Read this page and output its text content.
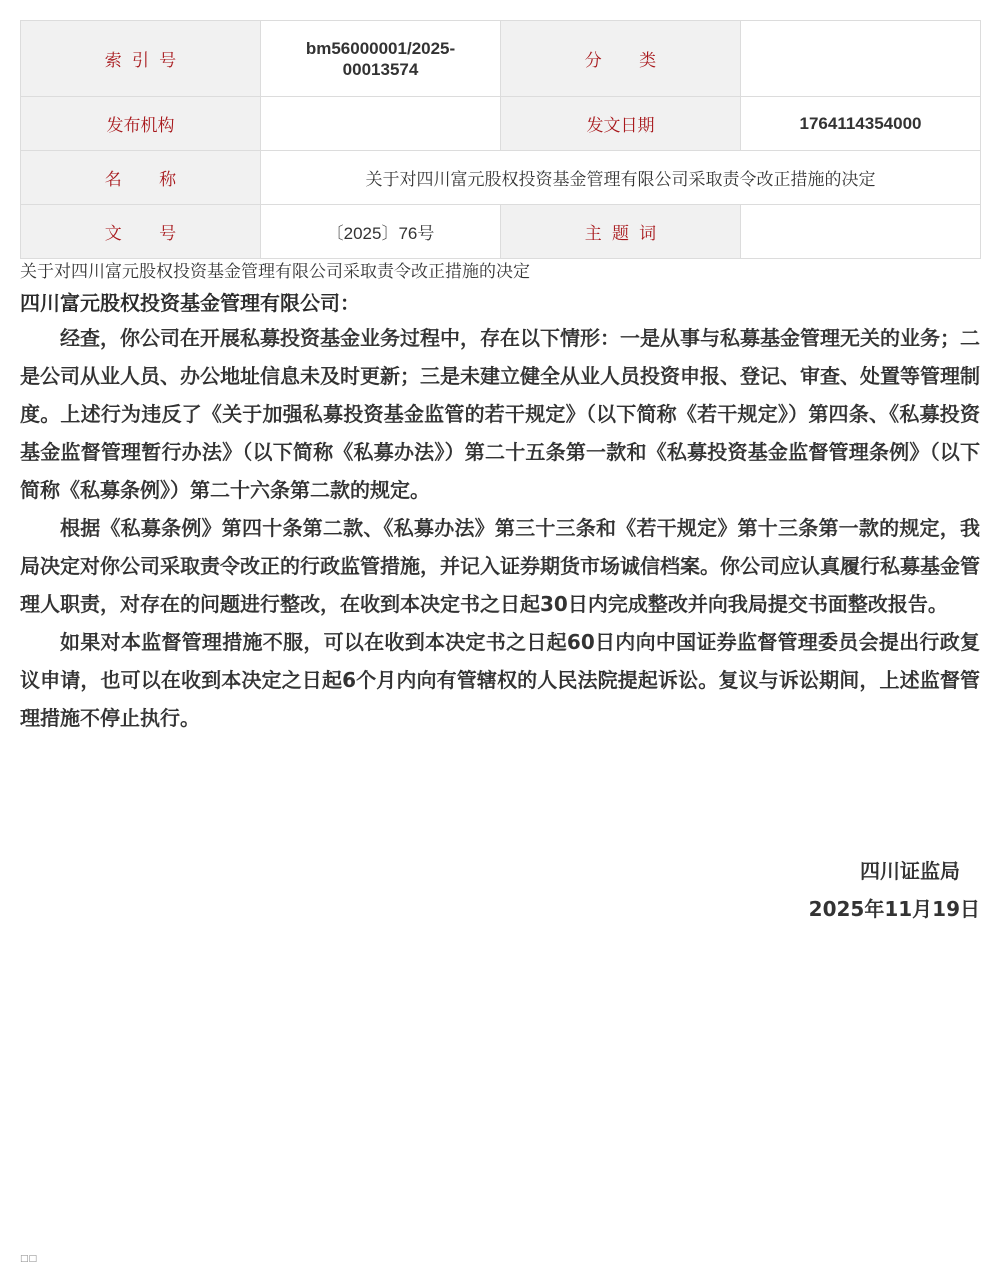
索引号	bm56000001/2025-00013574	分类	
发布机构		发文日期	1764114354000
名称	关于对四川富元股权投资基金管理有限公司采取责令改正措施的决定		
文号	〔2025〕76号	主题词	
关于对四川富元股权投资基金管理有限公司采取责令改正措施的决定
四川富元股权投资基金管理有限公司：

经查，你公司在开展私募投资基金业务过程中，存在以下情形：一是从事与私募基金管理无关的业务；二是公司从业人员、办公地址信息未及时更新；三是未建立健全从业人员投资申报、登记、审查、处置等管理制度。上述行为违反了《关于加强私募投资基金监管的若干规定》（以下简称《若干规定》）第四条、《私募投资基金监督管理暂行办法》（以下简称《私募办法》）第二十五条第一款和《私募投资基金监督管理条例》（以下简称《私募条例》）第二十六条第二款的规定。

根据《私募条例》第四十条第二款、《私募办法》第三十三条和《若干规定》第十三条第一款的规定，我局决定对你公司采取责令改正的行政监管措施，并记入证券期货市场诚信档案。你公司应认真履行私募基金管理人职责，对存在的问题进行整改，在收到本决定书之日起30日内完成整改并向我局提交书面整改报告。

如果对本监督管理措施不服，可以在收到本决定书之日起60日内向中国证券监督管理委员会提出行政复议申请，也可以在收到本决定之日起6个月内向有管辖权的人民法院提起诉讼。复议与诉讼期间，上述监督管理措施不停止执行。

四川证监局
2025年11月19日
□□
